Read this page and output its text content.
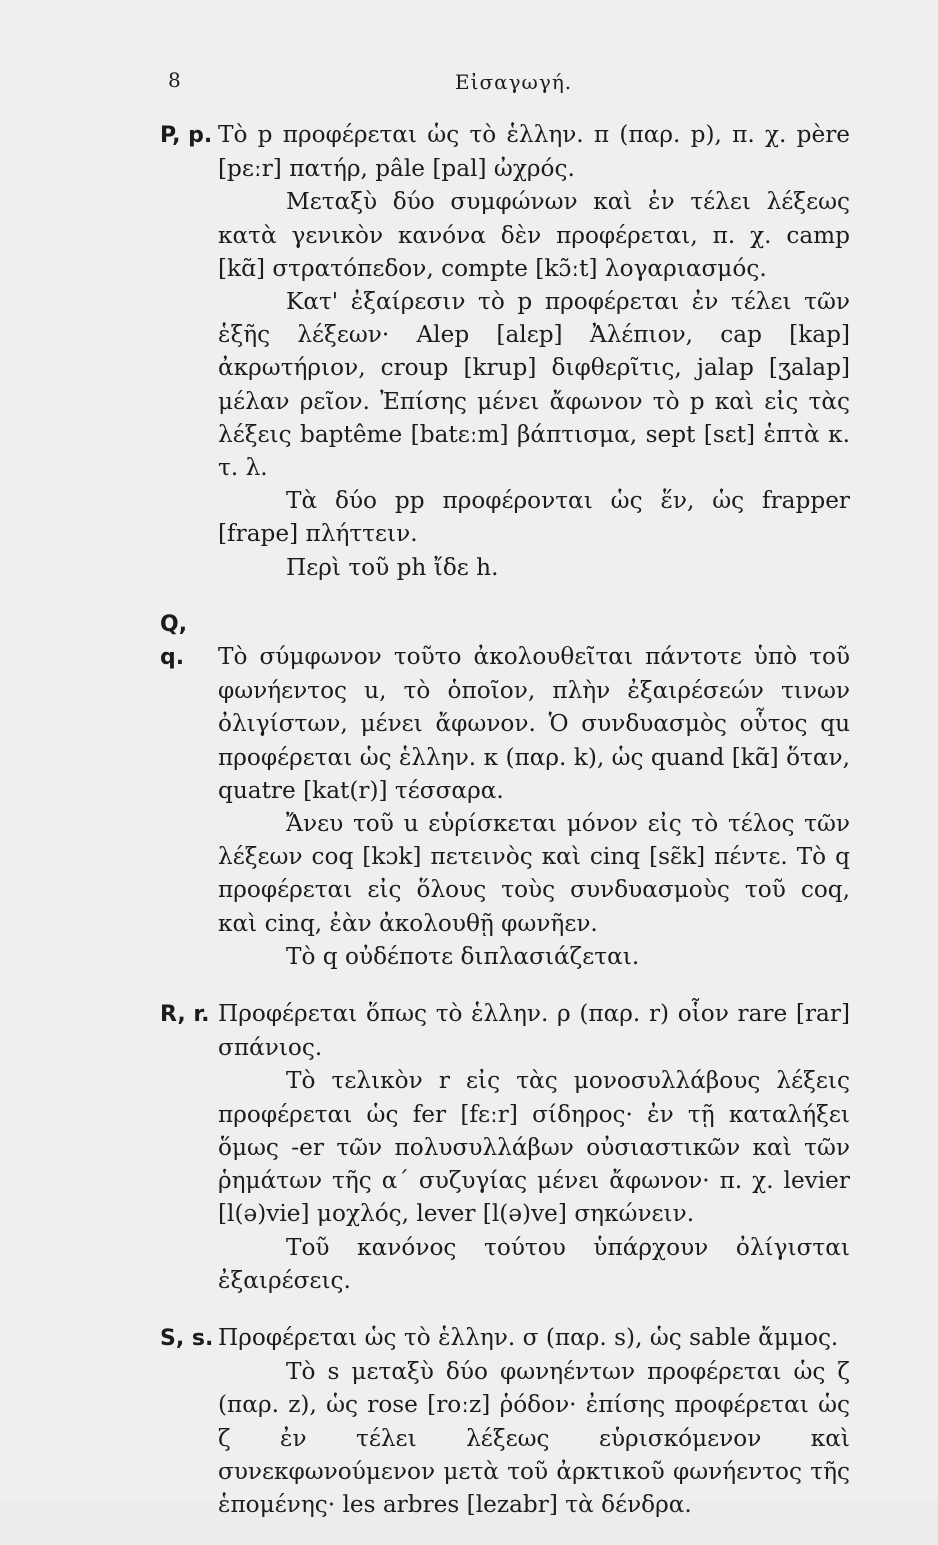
8	Εἰσαγωγή.

P, p. Τὸ p προφέρεται ὡς τὸ ἑλλην. π (παρ. p), π. χ. père [pɛːr] πατήρ, pâle [pal] ὠχρός.

Μεταξὺ δύο συμφώνων καὶ ἐν τέλει λέξεως κατὰ γενικὸν κανόνα δὲν προφέρεται, π. χ. camp [kɑ̃] στρατόπεδον, compte [kɔ̃ːt] λογαριασμός.

Κατ' ἐξαίρεσιν τὸ p προφέρεται ἐν τέλει τῶν ἑξῆς λέξεων· Alep [alɛp] Ἀλέπιον, cap [kap] ἀκρωτήριον, croup [krup] διφθερῖτις, jalap [ʒalap] μέλαν ρεῖον. Ἐπίσης μένει ἄφωνον τὸ p καὶ εἰς τὰς λέξεις baptême [batɛːm] βάπτισμα, sept [sɛt] ἑπτὰ κ. τ. λ.

Τὰ δύο pp προφέρονται ὡς ἕν, ὡς frapper [frape] πλήττειν.

Περὶ τοῦ ph ἴδε h.

Q, q. Τὸ σύμφωνον τοῦτο ἀκολουθεῖται πάντοτε ὑπὸ τοῦ φωνήεντος u, τὸ ὁποῖον, πλὴν ἐξαιρέσεών τινων ὀλιγίστων, μένει ἄφωνον. Ὁ συνδυασμὸς οὗτος qu προφέρεται ὡς ἑλλην. κ (παρ. k), ὡς quand [kɑ̃] ὅταν, quatre [kat(r)] τέσσαρα.

Ἄνευ τοῦ u εὑρίσκεται μόνον εἰς τὸ τέλος τῶν λέξεων coq [kɔk] πετεινὸς καὶ cinq [sɛ̃k] πέντε. Τὸ q προφέρεται εἰς ὅλους τοὺς συνδυασμοὺς τοῦ coq, καὶ cinq, ἐὰν ἀκολουθῇ φωνῆεν.

Τὸ q οὐδέποτε διπλασιάζεται.

R, r. Προφέρεται ὅπως τὸ ἑλλην. ρ (παρ. r) οἷον rare [rar] σπάνιος.

Τὸ τελικὸν r εἰς τὰς μονοσυλλάβους λέξεις προφέρεται ὡς fer [fɛːr] σίδηρος· ἐν τῇ καταλήξει ὅμως -er τῶν πολυσυλλάβων οὐσιαστικῶν καὶ τῶν ῥημάτων τῆς α΄ συζυγίας μένει ἄφωνον· π. χ. levier [l(ə)vie] μοχλός, lever [l(ə)ve] σηκώνειν.

Τοῦ κανόνος τούτου ὑπάρχουν ὀλίγισται ἐξαιρέσεις.

S, s. Προφέρεται ὡς τὸ ἑλλην. σ (παρ. s), ὡς sable ἄμμος.

Τὸ s μεταξὺ δύο φωνηέντων προφέρεται ὡς ζ (παρ. z), ὡς rose [roːz] ῥόδον· ἐπίσης προφέρεται ὡς ζ ἐν τέλει λέξεως εὑρισκόμενον καὶ συνεκφωνούμενον μετὰ τοῦ ἀρκτικοῦ φωνήεντος τῆς ἑπομένης· les arbres [lezabr] τὰ δένδρα.
